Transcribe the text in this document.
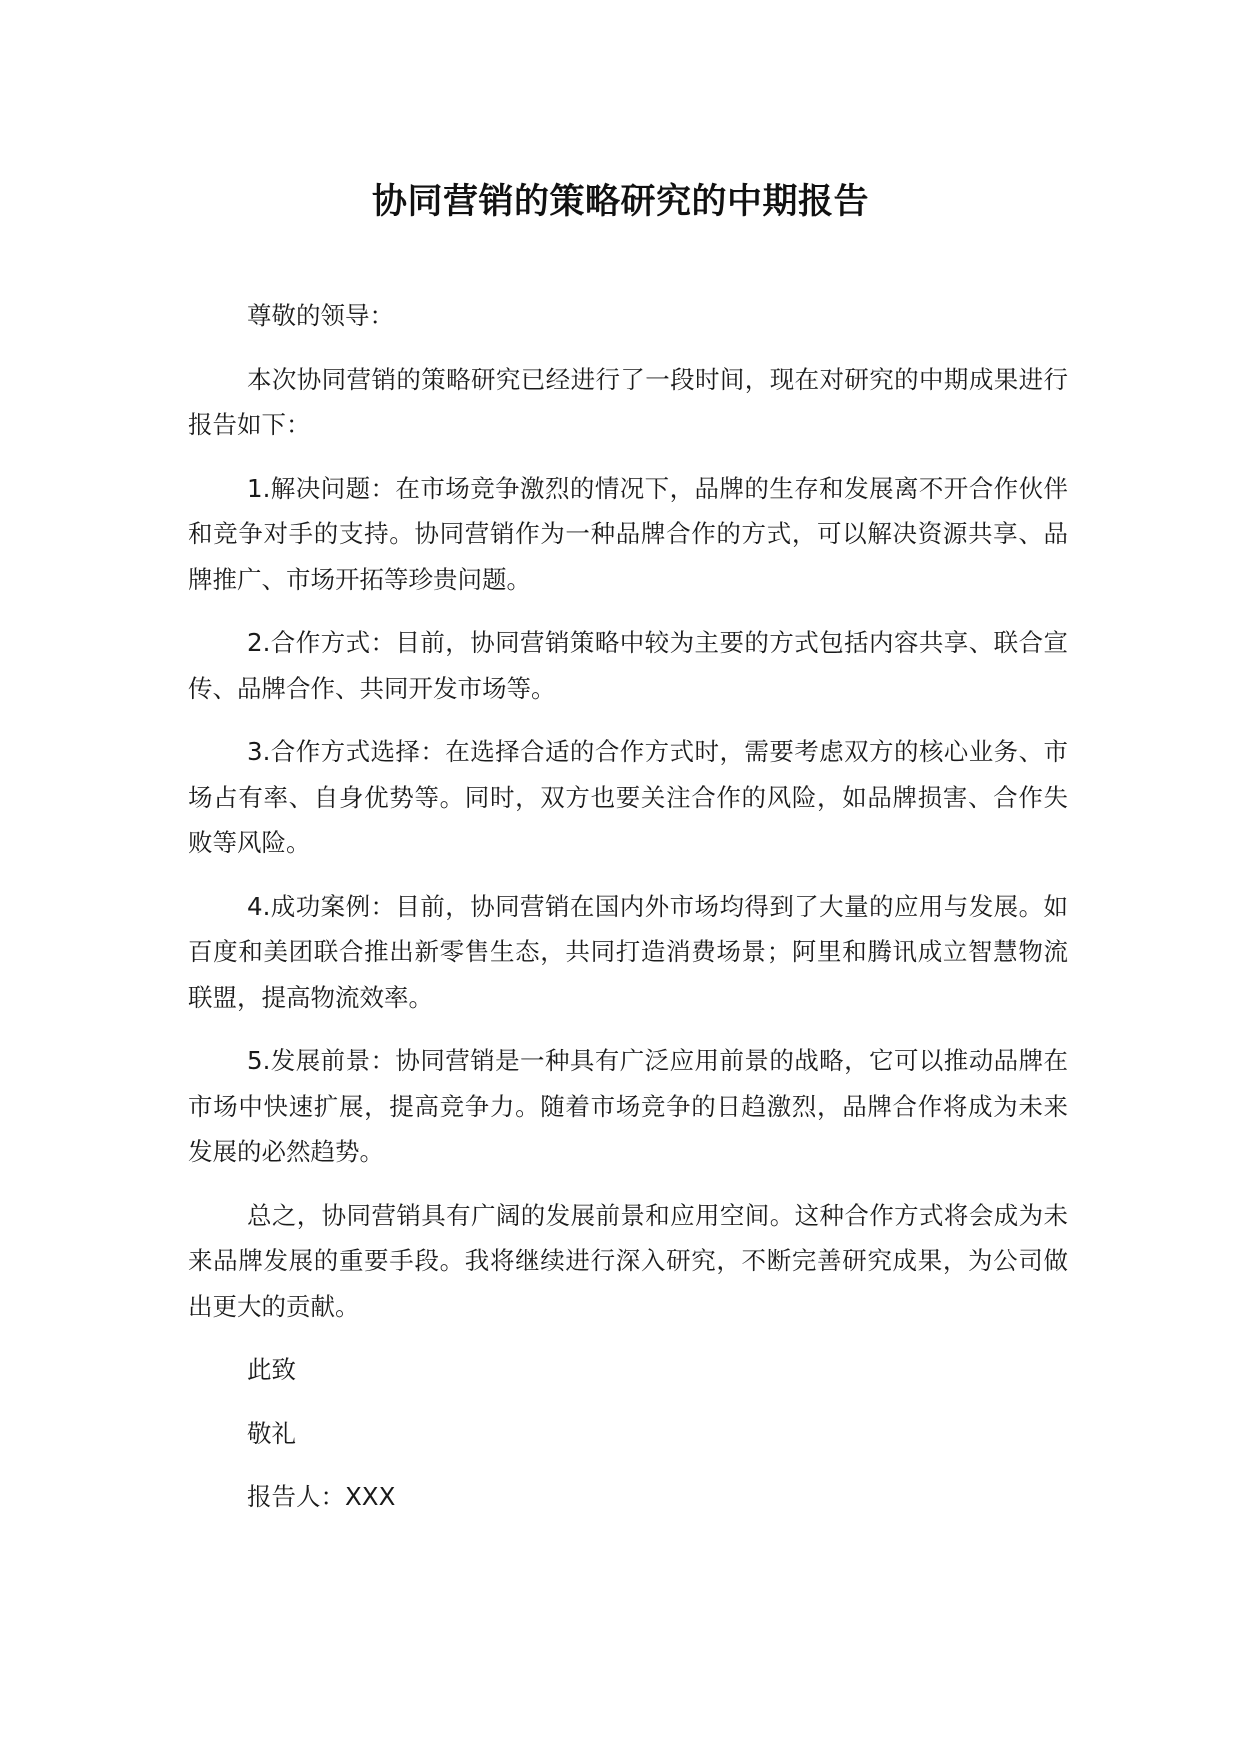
协同营销的策略研究的中期报告

尊敬的领导：

本次协同营销的策略研究已经进行了一段时间，现在对研究的中期成果进行报告如下：

1.解决问题：在市场竞争激烈的情况下，品牌的生存和发展离不开合作伙伴和竞争对手的支持。协同营销作为一种品牌合作的方式，可以解决资源共享、品牌推广、市场开拓等珍贵问题。

2.合作方式：目前，协同营销策略中较为主要的方式包括内容共享、联合宣传、品牌合作、共同开发市场等。

3.合作方式选择：在选择合适的合作方式时，需要考虑双方的核心业务、市场占有率、自身优势等。同时，双方也要关注合作的风险，如品牌损害、合作失败等风险。

4.成功案例：目前，协同营销在国内外市场均得到了大量的应用与发展。如百度和美团联合推出新零售生态，共同打造消费场景；阿里和腾讯成立智慧物流联盟，提高物流效率。

5.发展前景：协同营销是一种具有广泛应用前景的战略，它可以推动品牌在市场中快速扩展，提高竞争力。随着市场竞争的日趋激烈，品牌合作将成为未来发展的必然趋势。

总之，协同营销具有广阔的发展前景和应用空间。这种合作方式将会成为未来品牌发展的重要手段。我将继续进行深入研究，不断完善研究成果，为公司做出更大的贡献。

此致

敬礼

报告人：XXX
